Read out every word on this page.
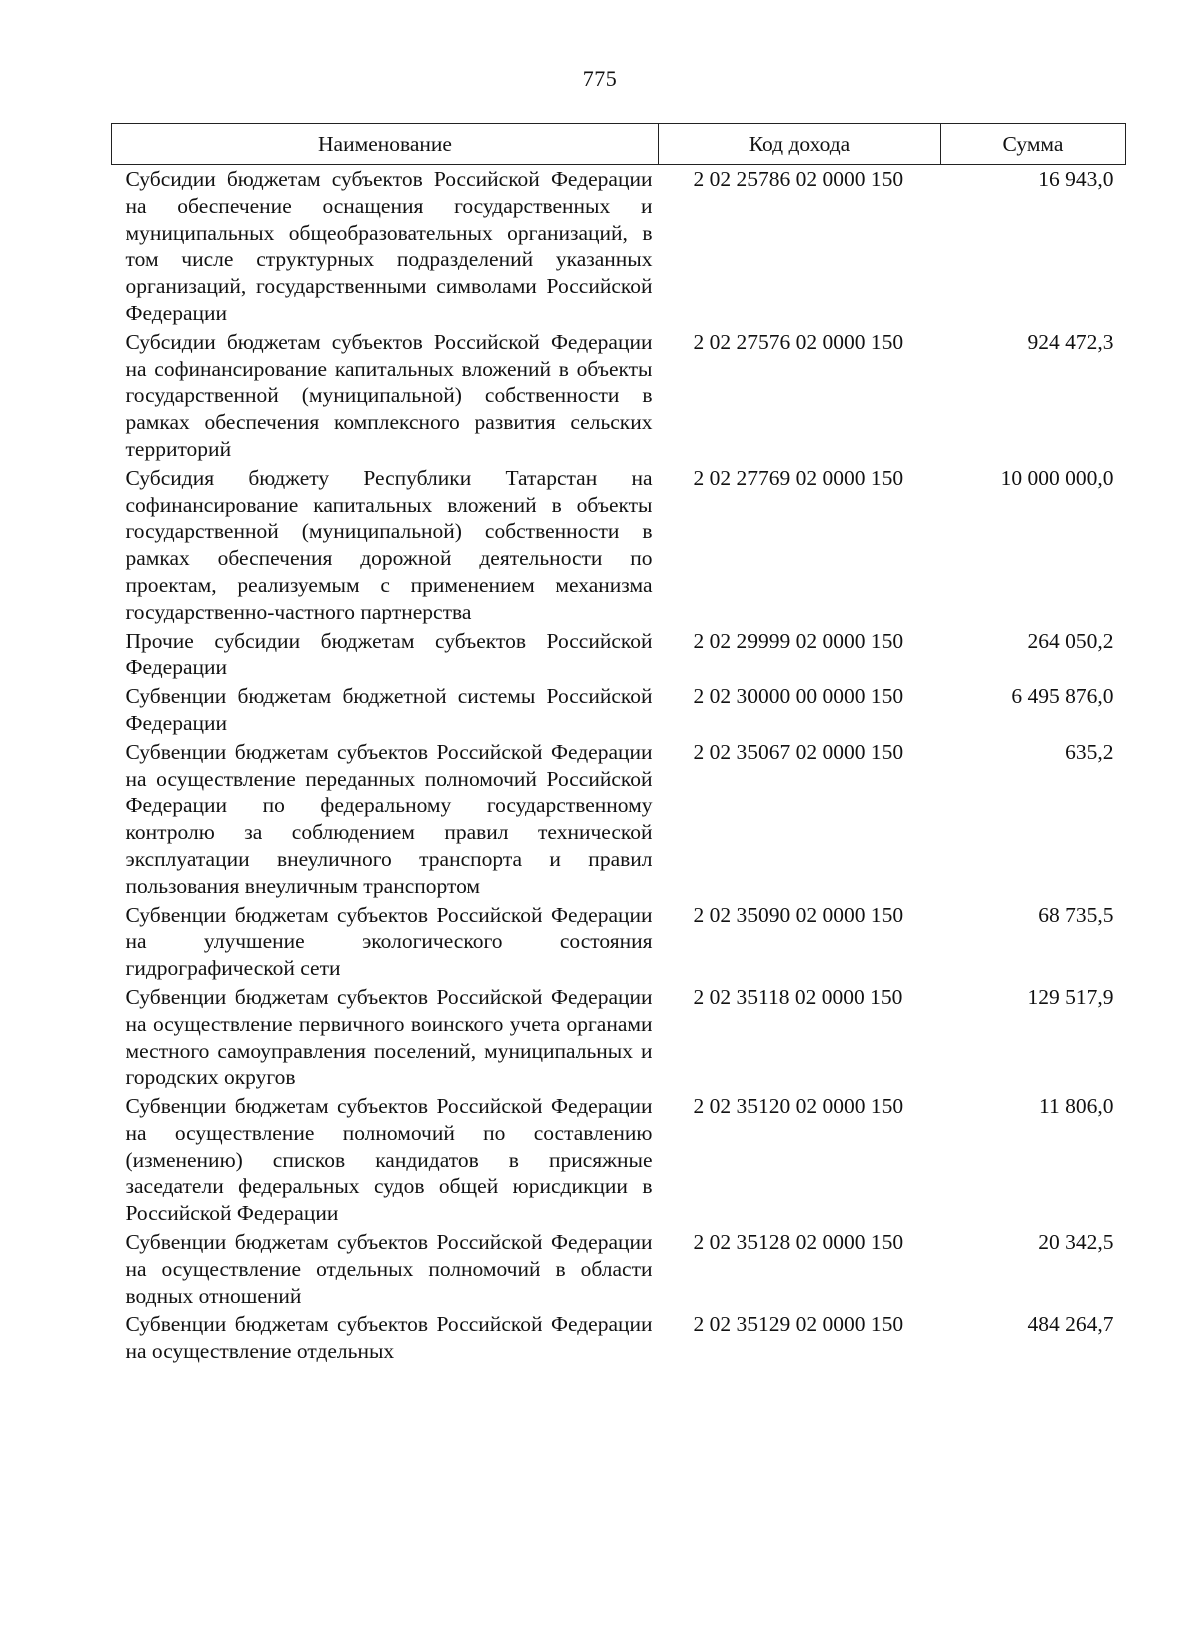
775
Наименование	Код дохода	Сумма
Субсидии бюджетам субъектов Российской Федерации на обеспечение оснащения государственных и муниципальных общеобразовательных организаций, в том числе структурных подразделений указанных организаций, государственными символами Российской Федерации	2 02 25786 02 0000 150	16 943,0
Субсидии бюджетам субъектов Российской Федерации на софинансирование капитальных вложений в объекты государственной (муниципальной) собственности в рамках обеспечения комплексного развития сельских территорий	2 02 27576 02 0000 150	924 472,3
Субсидия бюджету Республики Татарстан на софинансирование капитальных вложений в объекты государственной (муниципальной) собственности в рамках обеспечения дорожной деятельности по проектам, реализуемым с применением механизма государственно-частного партнерства	2 02 27769 02 0000 150	10 000 000,0
Прочие субсидии бюджетам субъектов Российской Федерации	2 02 29999 02 0000 150	264 050,2
Субвенции бюджетам бюджетной системы Российской Федерации	2 02 30000 00 0000 150	6 495 876,0
Субвенции бюджетам субъектов Российской Федерации на осуществление переданных полномочий Российской Федерации по федеральному государственному контролю за соблюдением правил технической эксплуатации внеуличного транспорта и правил пользования внеуличным транспортом	2 02 35067 02 0000 150	635,2
Субвенции бюджетам субъектов Российской Федерации на улучшение экологического состояния гидрографической сети	2 02 35090 02 0000 150	68 735,5
Субвенции бюджетам субъектов Российской Федерации на осуществление первичного воинского учета органами местного самоуправления поселений, муниципальных и городских округов	2 02 35118 02 0000 150	129 517,9
Субвенции бюджетам субъектов Российской Федерации на осуществление полномочий по составлению (изменению) списков кандидатов в присяжные заседатели федеральных судов общей юрисдикции в Российской Федерации	2 02 35120 02 0000 150	11 806,0
Субвенции бюджетам субъектов Российской Федерации на осуществление отдельных полномочий в области водных отношений	2 02 35128 02 0000 150	20 342,5
Субвенции бюджетам субъектов Российской Федерации на осуществление отдельных	2 02 35129 02 0000 150	484 264,7
